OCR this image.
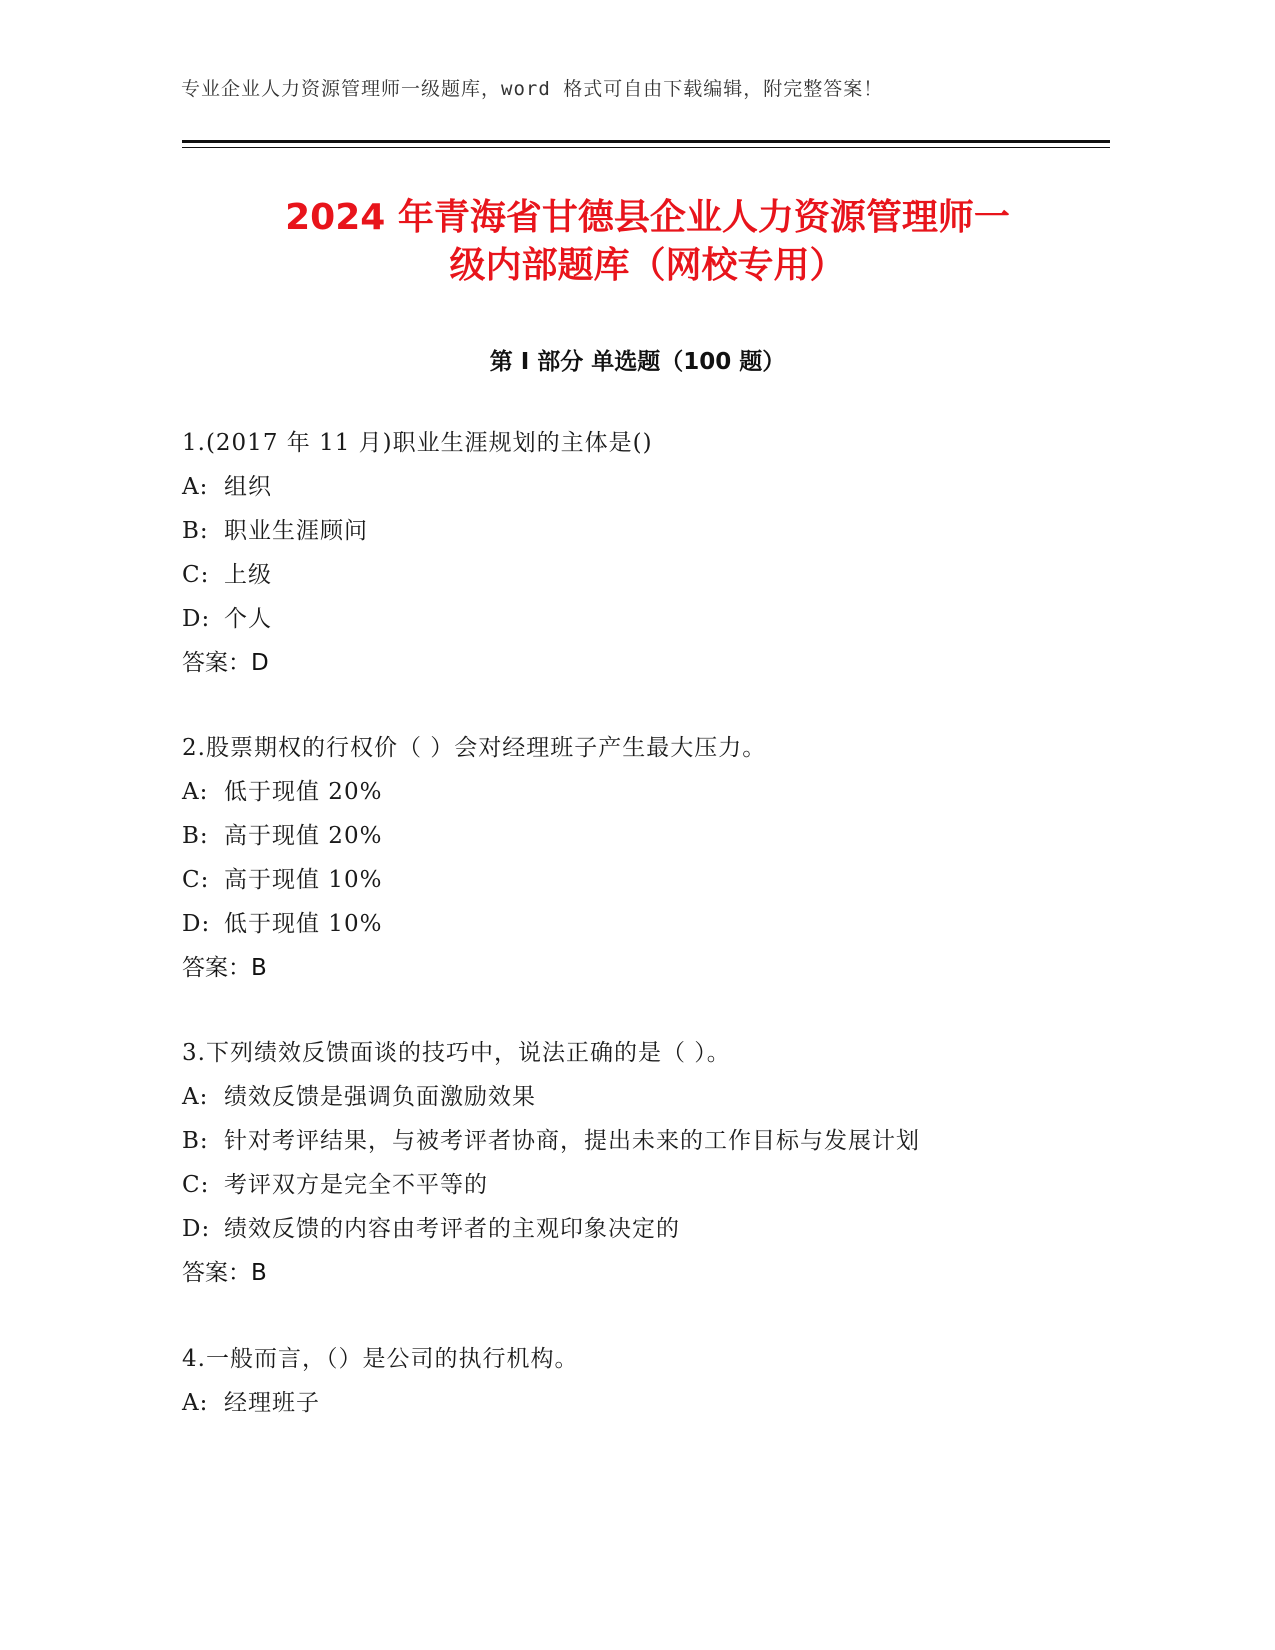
专业企业人力资源管理师一级题库，word 格式可自由下载编辑，附完整答案！
2024 年青海省甘德县企业人力资源管理师一
级内部题库（网校专用）
第 I 部分 单选题（100 题）
1.(2017 年 11 月)职业生涯规划的主体是()
A: 组织
B: 职业生涯顾问
C: 上级
D: 个人
答案：D
2.股票期权的行权价（ ）会对经理班子产生最大压力。
A: 低于现值 20%
B: 高于现值 20%
C: 高于现值 10%
D: 低于现值 10%
答案：B
3.下列绩效反馈面谈的技巧中，说法正确的是（ ）。
A: 绩效反馈是强调负面激励效果
B: 针对考评结果，与被考评者协商，提出未来的工作目标与发展计划
C: 考评双方是完全不平等的
D: 绩效反馈的内容由考评者的主观印象决定的
答案：B
4.一般而言，（）是公司的执行机构。
A: 经理班子
